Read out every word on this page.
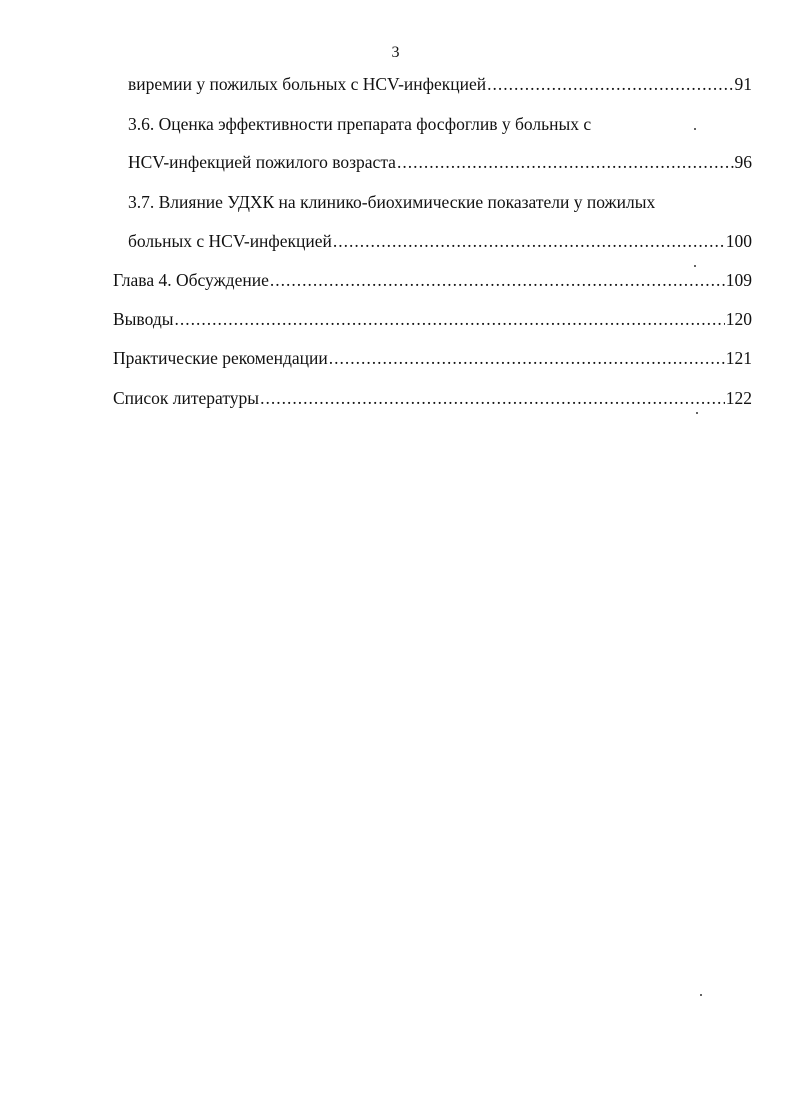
3
виремии у пожилых больных с HCV-инфекцией .....	91
3.6. Оценка эффективности препарата фосфоглив у больных с
HCV-инфекцией пожилого возраста .....	96
3.7. Влияние УДХК на клинико-биохимические показатели у пожилых
больных с HCV-инфекцией .....	100
Глава 4. Обсуждение .....	109
Выводы .....	120
Практические рекомендации .....	121
Список литературы .....	122
